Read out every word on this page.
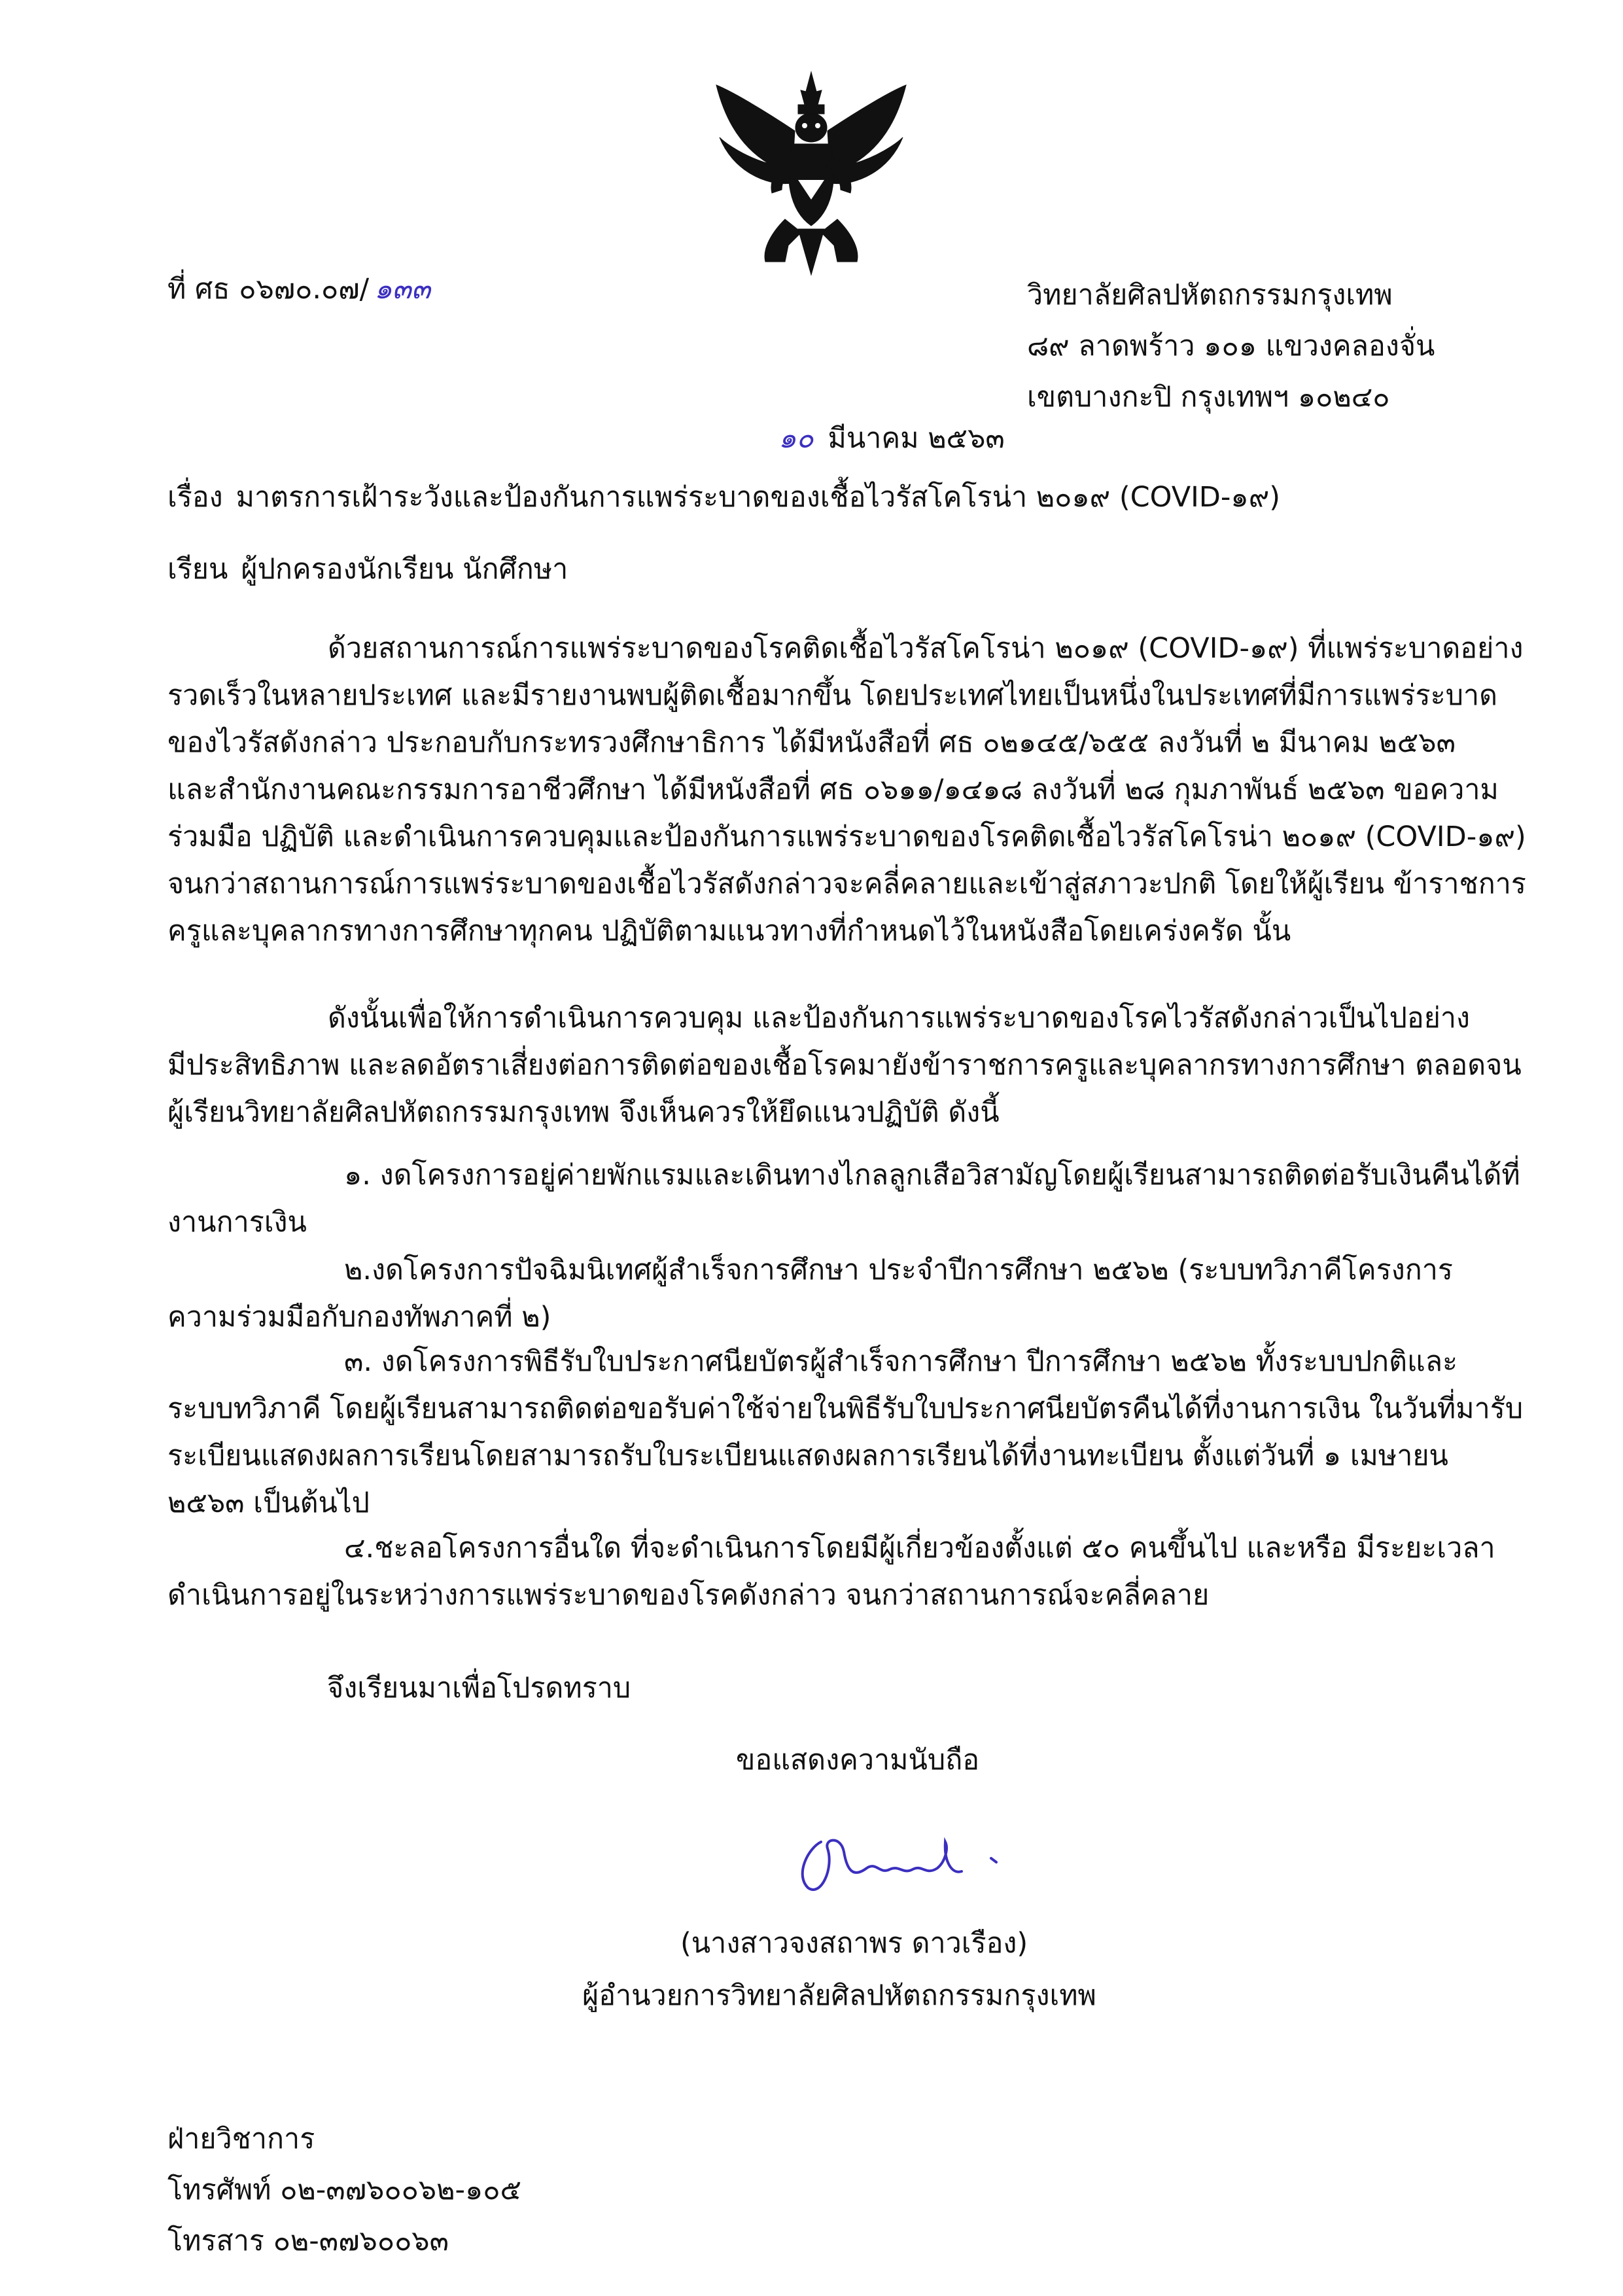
ที่ ศธ ๐๖๗๐.๐๗/ ๑๓๓	วิทยาลัยศิลปหัตถกรรมกรุงเทพ
๘๙ ลาดพร้าว ๑๐๑ แขวงคลองจั่น
เขตบางกะปิ กรุงเทพฯ ๑๐๒๔๐
๑๐ มีนาคม ๒๕๖๓
เรื่อง มาตรการเฝ้าระวังและป้องกันการแพร่ระบาดของเชื้อไวรัสโคโรน่า ๒๐๑๙ (COVID-๑๙)
เรียน ผู้ปกครองนักเรียน นักศึกษา
ด้วยสถานการณ์การแพร่ระบาดของโรคติดเชื้อไวรัสโคโรน่า ๒๐๑๙ (COVID-๑๙) ที่แพร่ระบาดอย่าง
รวดเร็วในหลายประเทศ และมีรายงานพบผู้ติดเชื้อมากขึ้น โดยประเทศไทยเป็นหนึ่งในประเทศที่มีการแพร่ระบาด
ของไวรัสดังกล่าว ประกอบกับกระทรวงศึกษาธิการ ได้มีหนังสือที่ ศธ ๐๒๑๔๕/๖๕๕ ลงวันที่ ๒ มีนาคม ๒๕๖๓
และสำนักงานคณะกรรมการอาชีวศึกษา ได้มีหนังสือที่ ศธ ๐๖๑๑/๑๔๑๘ ลงวันที่ ๒๘ กุมภาพันธ์ ๒๕๖๓ ขอความ
ร่วมมือ ปฏิบัติ และดำเนินการควบคุมและป้องกันการแพร่ระบาดของโรคติดเชื้อไวรัสโคโรน่า ๒๐๑๙ (COVID-๑๙)
จนกว่าสถานการณ์การแพร่ระบาดของเชื้อไวรัสดังกล่าวจะคลี่คลายและเข้าสู่สภาวะปกติ โดยให้ผู้เรียน ข้าราชการ
ครูและบุคลากรทางการศึกษาทุกคน ปฏิบัติตามแนวทางที่กำหนดไว้ในหนังสือโดยเคร่งครัด นั้น
ดังนั้นเพื่อให้การดำเนินการควบคุม และป้องกันการแพร่ระบาดของโรคไวรัสดังกล่าวเป็นไปอย่าง
มีประสิทธิภาพ และลดอัตราเสี่ยงต่อการติดต่อของเชื้อโรคมายังข้าราชการครูและบุคลากรทางการศึกษา ตลอดจน
ผู้เรียนวิทยาลัยศิลปหัตถกรรมกรุงเทพ จึงเห็นควรให้ยึดแนวปฏิบัติ ดังนี้
๑. งดโครงการอยู่ค่ายพักแรมและเดินทางไกลลูกเสือวิสามัญโดยผู้เรียนสามารถติดต่อรับเงินคืนได้ที่
งานการเงิน
๒.งดโครงการปัจฉิมนิเทศผู้สำเร็จการศึกษา ประจำปีการศึกษา ๒๕๖๒ (ระบบทวิภาคีโครงการ
ความร่วมมือกับกองทัพภาคที่ ๒)
๓. งดโครงการพิธีรับใบประกาศนียบัตรผู้สำเร็จการศึกษา ปีการศึกษา ๒๕๖๒ ทั้งระบบปกติและ
ระบบทวิภาคี โดยผู้เรียนสามารถติดต่อขอรับค่าใช้จ่ายในพิธีรับใบประกาศนียบัตรคืนได้ที่งานการเงิน ในวันที่มารับ
ระเบียนแสดงผลการเรียนโดยสามารถรับใบระเบียนแสดงผลการเรียนได้ที่งานทะเบียน ตั้งแต่วันที่ ๑ เมษายน
๒๕๖๓ เป็นต้นไป
๔.ชะลอโครงการอื่นใด ที่จะดำเนินการโดยมีผู้เกี่ยวข้องตั้งแต่ ๕๐ คนขึ้นไป และหรือ มีระยะเวลา
ดำเนินการอยู่ในระหว่างการแพร่ระบาดของโรคดังกล่าว จนกว่าสถานการณ์จะคลี่คลาย
จึงเรียนมาเพื่อโปรดทราบ
ขอแสดงความนับถือ
(นางสาวจงสถาพร ดาวเรือง)
ผู้อำนวยการวิทยาลัยศิลปหัตถกรรมกรุงเทพ
ฝ่ายวิชาการ
โทรศัพท์ ๐๒-๓๗๖๐๐๖๒-๑๐๕
โทรสาร ๐๒-๓๗๖๐๐๖๓
